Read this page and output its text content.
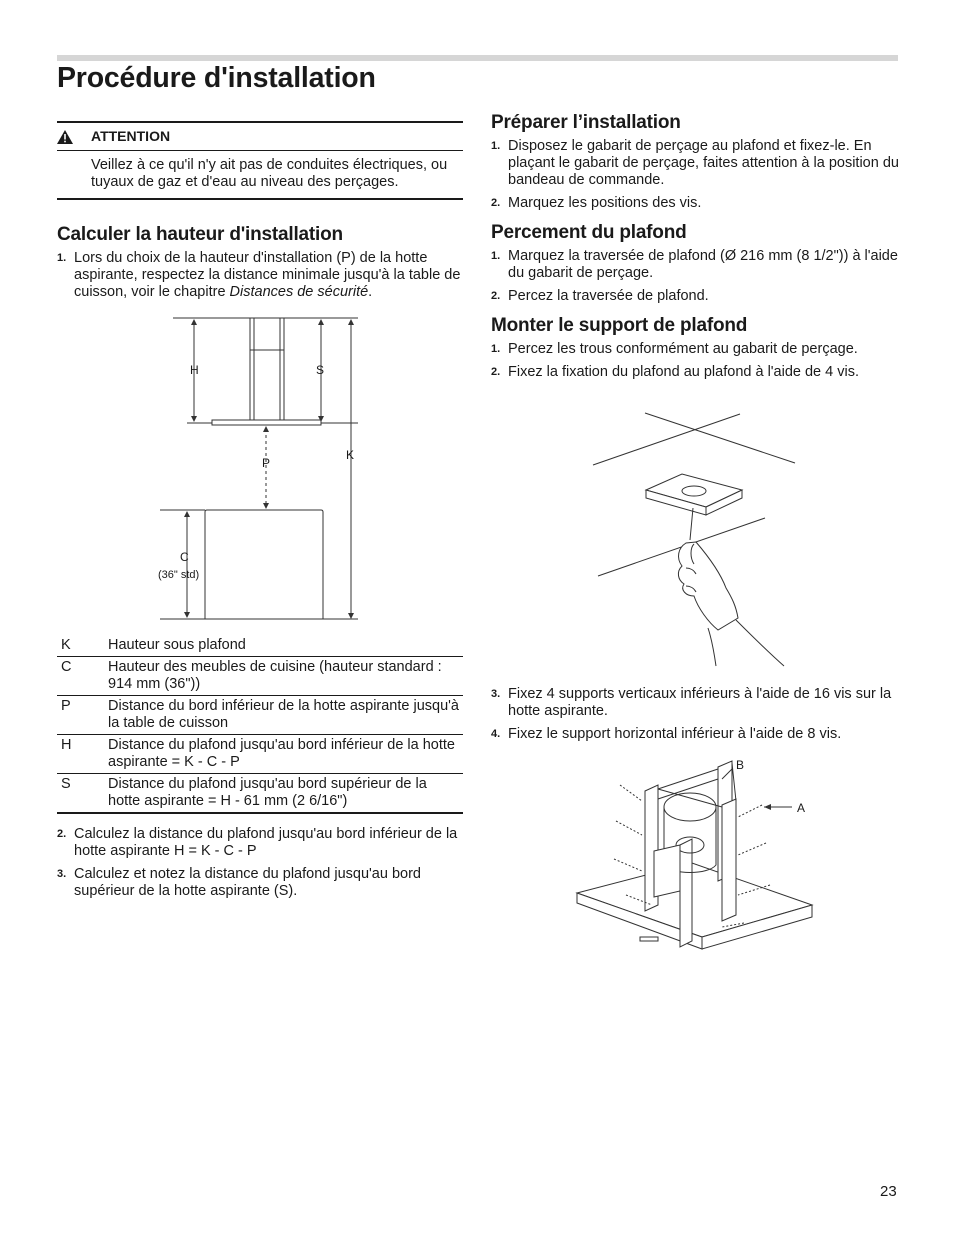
Procédure d'installation
ATTENTION
Veillez à ce qu'il n'y ait pas de conduites électriques, ou tuyaux de gaz et d'eau au niveau des perçages.
Calculer la hauteur d'installation
1. Lors du choix de la hauteur d'installation (P) de la hotte aspirante, respectez la distance minimale jusqu'à la table de cuisson, voir le chapitre Distances de sécurité.
H	S
P
K
C
(36" std)
K	Hauteur sous plafond
C	Hauteur des meubles de cuisine (hauteur standard : 914 mm (36"))
P	Distance du bord inférieur de la hotte aspirante jusqu'à la table de cuisson
H	Distance du plafond jusqu'au bord inférieur de la hotte aspirante = K - C - P
S	Distance du plafond jusqu'au bord supérieur de la hotte aspirante = H - 61 mm (2 6/16")
2. Calculez la distance du plafond jusqu'au bord inférieur de la hotte aspirante H = K - C - P
3. Calculez et notez la distance du plafond jusqu'au bord supérieur de la hotte aspirante (S).
Préparer l’installation
1. Disposez le gabarit de perçage au plafond et fixez-le. En plaçant le gabarit de perçage, faites attention à la position du bandeau de commande.
2. Marquez les positions des vis.
Percement du plafond
1. Marquez la traversée de plafond (Ø 216 mm (8 1/2")) à l'aide du gabarit de perçage.
2. Percez la traversée de plafond.
Monter le support de plafond
1. Percez les trous conformément au gabarit de perçage.
2. Fixez la fixation du plafond au plafond à l'aide de 4 vis.
3. Fixez 4 supports verticaux inférieurs à l'aide de 16 vis sur la hotte aspirante.
4. Fixez le support horizontal inférieur à l'aide de 8 vis.
B
A
23
